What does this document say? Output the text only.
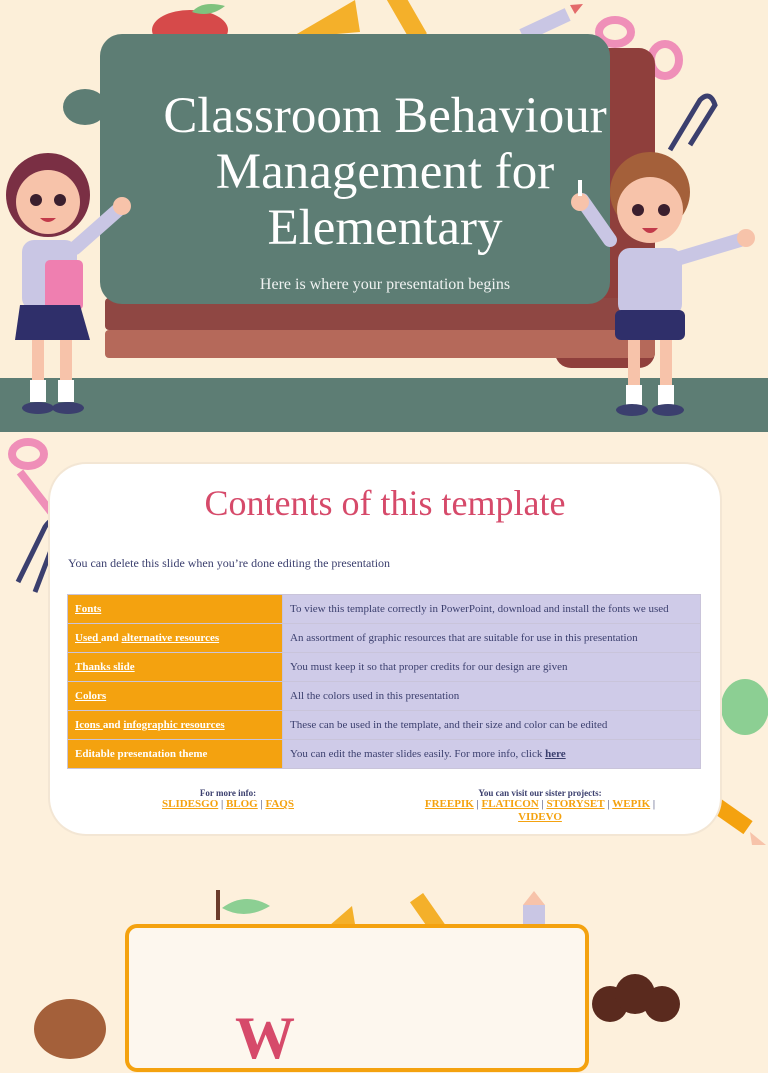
Classroom Behaviour Management for Elementary
Here is where your presentation begins
Contents of this template
You can delete this slide when you’re done editing the presentation
Fonts	To view this template correctly in PowerPoint, download and install the fonts we used
Used and alternative resources	An assortment of graphic resources that are suitable for use in this presentation
Thanks slide	You must keep it so that proper credits for our design are given
Colors	All the colors used in this presentation
Icons and infographic resources	These can be used in the template, and their size and color can be edited
Editable presentation theme	You can edit the master slides easily. For more info, click here
For more info:
SLIDESGO | BLOG | FAQS
You can visit our sister projects:
FREEPIK | FLATICON | STORYSET | WEPIK | VIDEVO
W
